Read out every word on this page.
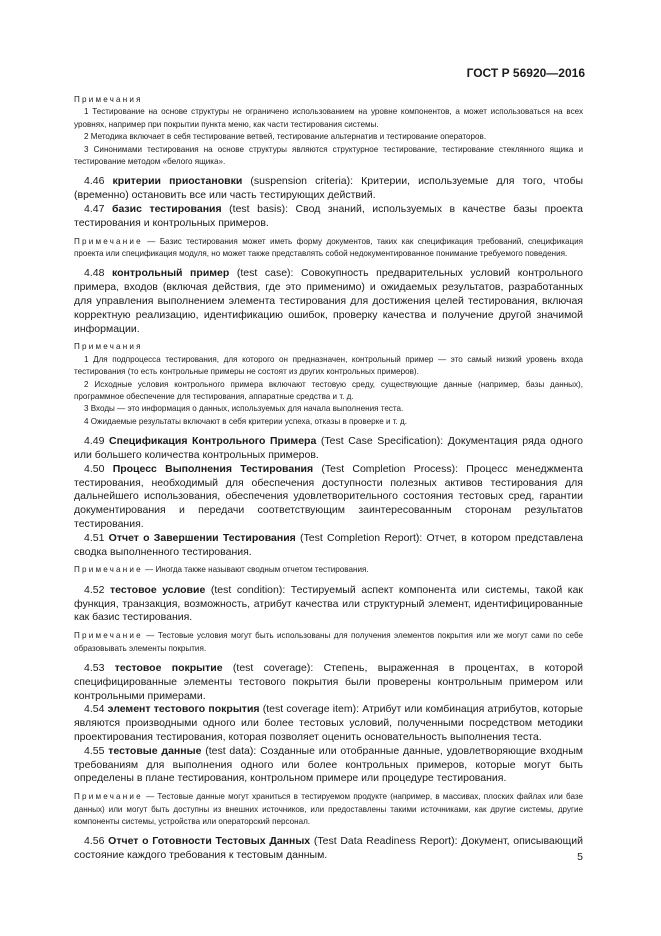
ГОСТ Р 56920—2016

Примечания

1 Тестирование на основе структуры не ограничено использованием на уровне компонентов, а может использоваться на всех уровнях, например при покрытии пункта меню, как части тестирования системы.

2 Методика включает в себя тестирование ветвей, тестирование альтернатив и тестирование операторов.

3 Синонимами тестирования на основе структуры являются структурное тестирование, тестирование стеклянного ящика и тестирование методом «белого ящика».

4.46 критерии приостановки (suspension criteria): Критерии, используемые для того, чтобы (временно) остановить все или часть тестирующих действий.

4.47 базис тестирования (test basis): Свод знаний, используемых в качестве базы проекта тестирования и контрольных примеров.

Примечание — Базис тестирования может иметь форму документов, таких как спецификация требований, спецификация проекта или спецификация модуля, но может также представлять собой недокументированное понимание требуемого поведения.

4.48 контрольный пример (test case): Совокупность предварительных условий контрольного примера, входов (включая действия, где это применимо) и ожидаемых результатов, разработанных для управления выполнением элемента тестирования для достижения целей тестирования, включая корректную реализацию, идентификацию ошибок, проверку качества и получение другой значимой информации.

Примечания

1 Для подпроцесса тестирования, для которого он предназначен, контрольный пример — это самый низкий уровень входа тестирования (то есть контрольные примеры не состоят из других контрольных примеров).

2 Исходные условия контрольного примера включают тестовую среду, существующие данные (например, базы данных), программное обеспечение для тестирования, аппаратные средства и т. д.

3 Входы — это информация о данных, используемых для начала выполнения теста.

4 Ожидаемые результаты включают в себя критерии успеха, отказы в проверке и т. д.

4.49 Спецификация Контрольного Примера (Test Case Specification): Документация ряда одного или большего количества контрольных примеров.

4.50 Процесс Выполнения Тестирования (Test Completion Process): Процесс менеджмента тестирования, необходимый для обеспечения доступности полезных активов тестирования для дальнейшего использования, обеспечения удовлетворительного состояния тестовых сред, гарантии документирования и передачи соответствующим заинтересованным сторонам результатов тестирования.

4.51 Отчет о Завершении Тестирования (Test Completion Report): Отчет, в котором представлена сводка выполненного тестирования.

Примечание — Иногда также называют сводным отчетом тестирования.

4.52 тестовое условие (test condition): Тестируемый аспект компонента или системы, такой как функция, транзакция, возможность, атрибут качества или структурный элемент, идентифицированные как базис тестирования.

Примечание — Тестовые условия могут быть использованы для получения элементов покрытия или же могут сами по себе образовывать элементы покрытия.

4.53 тестовое покрытие (test coverage): Степень, выраженная в процентах, в которой специфицированные элементы тестового покрытия были проверены контрольным примером или контрольными примерами.

4.54 элемент тестового покрытия (test coverage item): Атрибут или комбинация атрибутов, которые являются производными одного или более тестовых условий, полученными посредством методики проектирования тестирования, которая позволяет оценить основательность выполнения теста.

4.55 тестовые данные (test data): Созданные или отобранные данные, удовлетворяющие входным требованиям для выполнения одного или более контрольных примеров, которые могут быть определены в плане тестирования, контрольном примере или процедуре тестирования.

Примечание — Тестовые данные могут храниться в тестируемом продукте (например, в массивах, плоских файлах или базе данных) или могут быть доступны из внешних источников, или предоставлены такими источниками, как другие системы, другие компоненты системы, устройства или операторский персонал.

4.56 Отчет о Готовности Тестовых Данных (Test Data Readiness Report): Документ, описывающий состояние каждого требования к тестовым данным.	5
